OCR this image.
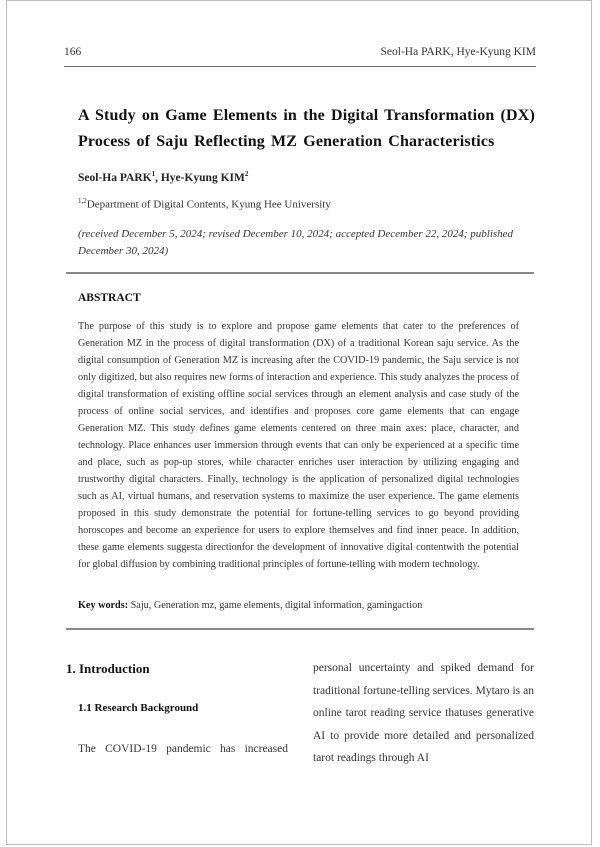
166	Seol-Ha PARK, Hye-Kyung KIM
A Study on Game Elements in the Digital Transformation (DX) Process of Saju Reflecting MZ Generation Characteristics
Seol-Ha PARK$^1$, Hye-Kyung KIM$^2$
$^{1,2}$Department of Digital Contents, Kyung Hee University
(received December 5, 2024; revised December 10, 2024; accepted December 22, 2024; published December 30, 2024)
ABSTRACT
The purpose of this study is to explore and propose game elements that cater to the preferences of Generation MZ in the process of digital transformation (DX) of a traditional Korean saju service. As the digital consumption of Generation MZ is increasing after the COVID-19 pandemic, the Saju service is not only digitized, but also requires new forms of interaction and experience. This study analyzes the process of digital transformation of existing offline social services through an element analysis and case study of the process of online social services, and identifies and proposes core game elements that can engage Generation MZ. This study defines game elements centered on three main axes: place, character, and technology. Place enhances user immersion through events that can only be experienced at a specific time and place, such as pop-up stores, while character enriches user interaction by utilizing engaging and trustworthy digital characters. Finally, technology is the application of personalized digital technologies such as AI, virtual humans, and reservation systems to maximize the user experience. The game elements proposed in this study demonstrate the potential for fortune-telling services to go beyond providing horoscopes and become an experience for users to explore themselves and find inner peace. In addition, these game elements suggesta directionfor the development of innovative digital contentwith the potential for global diffusion by combining traditional principles of fortune-telling with modern technology.
Key words: Saju, Generation mz, game elements, digital information, gamingaction
1. Introduction
1.1 Research Background
The COVID-19 pandemic has increased
personal uncertainty and spiked demand for traditional fortune-telling services. Mytaro is an online tarot reading service thatuses generative AI to provide more detailed and personalized tarot readings through AI
